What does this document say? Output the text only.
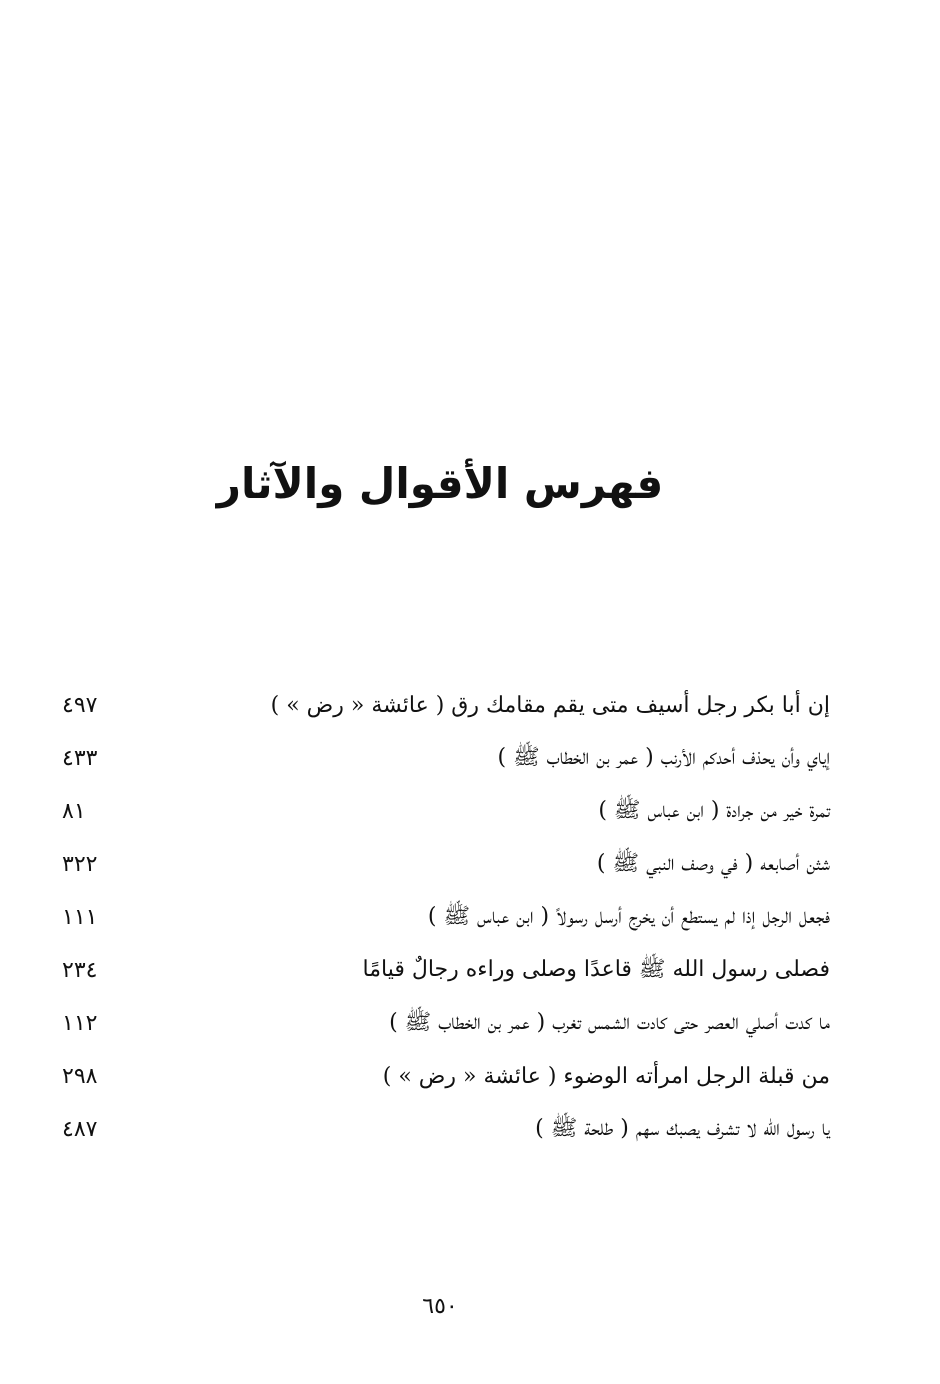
فهرس الأقوال والآثار
إن أبا بكر رجل أسيف متى يقم مقامك رق ( عائشة « رض » )
٤٩٧
إياي وأن يحذف أحدكم الأرنب ( عمر بن الخطاب ﷺ )
٤٣٣
تمرة خير من جرادة ( ابن عباس ﷺ )
٨١
شثن أصابعه ( في وصف النبي ﷺ )
٣٢٢
فجعل الرجل إذا لم يستطع أن يخرج أرسل رسولاً ( ابن عباس ﷺ )
١١١
فصلى رسول الله ﷺ قاعدًا وصلى وراءه رجالٌ قيامًا
٢٣٤
ما كدت أصلي العصر حتى كادت الشمس تغرب ( عمر بن الخطاب ﷺ )
١١٢
من قبلة الرجل امرأته الوضوء ( عائشة « رض » )
٢٩٨
يا رسول الله لا تشرف يصبك سهم ( طلحة ﷺ )
٤٨٧
٦٥٠
